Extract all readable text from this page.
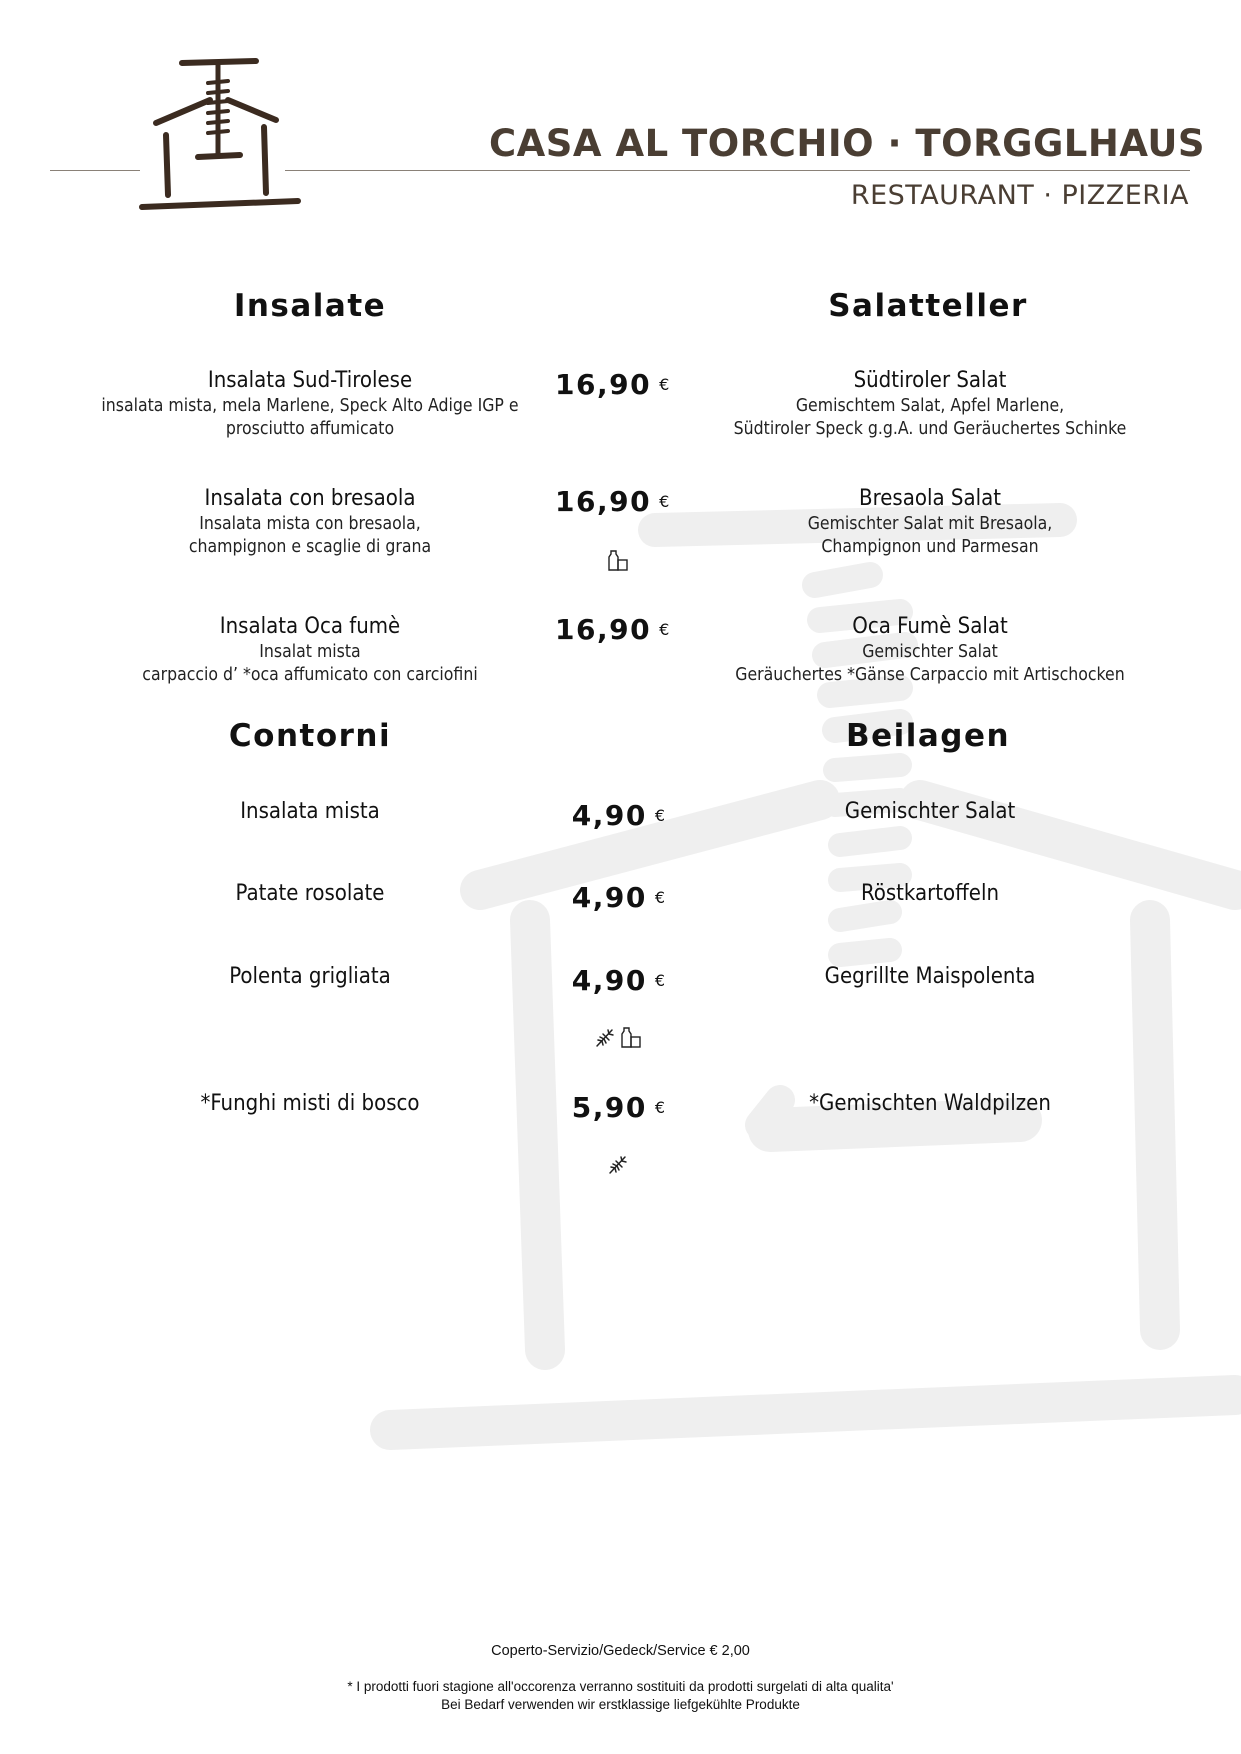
CASA AL TORCHIO · TORGGLHAUS
RESTAURANT · PIZZERIA
Insalate	Salatteller
Contorni	Beilagen
Insalata Sud-Tirolese
insalata mista, mela Marlene, Speck Alto Adige IGP e
prosciutto affumicato
16,90 €	Südtiroler Salat
Gemischtem Salat, Apfel Marlene,
Südtiroler Speck g.g.A. und Geräuchertes Schinke
Insalata con bresaola
Insalata mista con bresaola,
champignon e scaglie di grana
16,90 €	Bresaola Salat
Gemischter Salat mit Bresaola,
Champignon und Parmesan
Insalata Oca fumè
Insalat mista
carpaccio d’ *oca affumicato con carciofini
16,90 €	Oca Fumè Salat
Gemischter Salat
Geräuchertes *Gänse Carpaccio mit Artischocken
Insalata mista	4,90 €	Gemischter Salat
Patate rosolate	4,90 €	Röstkartoffeln
Polenta grigliata	4,90 €	Gegrillte Maispolenta
*Funghi misti di bosco	5,90 €	*Gemischten Waldpilzen
Coperto-Servizio/Gedeck/Service € 2,00
* I prodotti fuori stagione all'occorenza verranno sostituiti da prodotti surgelati di alta qualita'
Bei Bedarf verwenden wir erstklassige liefgekühlte Produkte
